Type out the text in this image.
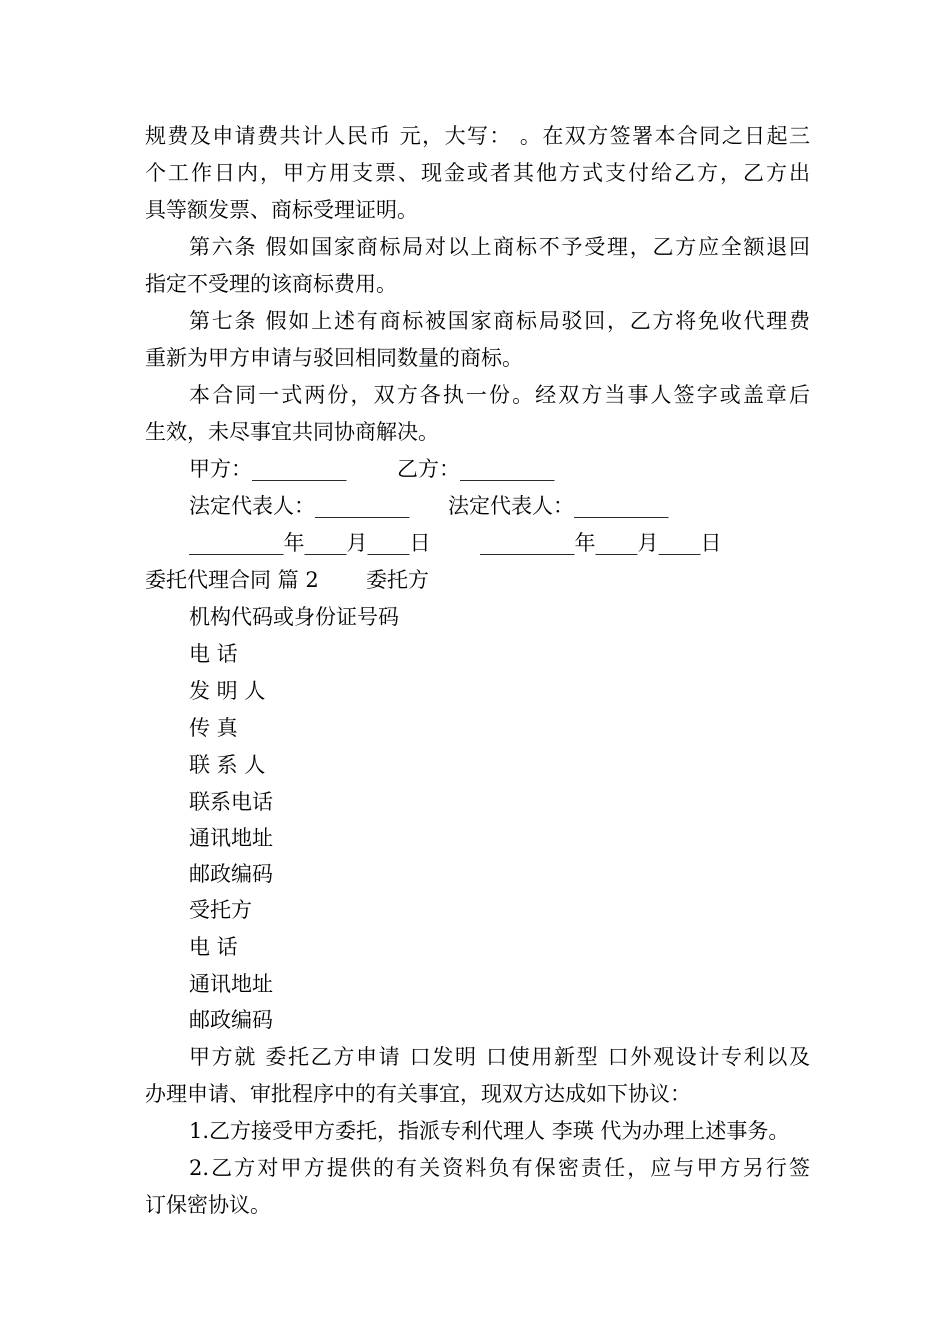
规费及申请费共计人民币 元，大写： 。在双方签署本合同之日起三
个工作日内，甲方用支票、现金或者其他方式支付给乙方，乙方出
具等额发票、商标受理证明。
第六条 假如国家商标局对以上商标不予受理，乙方应全额退回
指定不受理的该商标费用。
第七条 假如上述有商标被国家商标局驳回，乙方将免收代理费
重新为甲方申请与驳回相同数量的商标。
本合同一式两份，双方各执一份。经双方当事人签字或盖章后
生效，未尽事宜共同协商解决。
甲方：_________ 乙方：_________
法定代表人：_________ 法定代表人：_________
_________年____月____日 _________年____月____日
委托代理合同 篇 2 委托方
机构代码或身份证号码
电 话
发 明 人
传 真
联 系 人
联系电话
通讯地址
邮政编码
受托方
电 话
通讯地址
邮政编码
甲方就 委托乙方申请 口发明 口使用新型 口外观设计专利以及
办理申请、审批程序中的有关事宜，现双方达成如下协议：
1.乙方接受甲方委托，指派专利代理人 李瑛 代为办理上述事务。
2.乙方对甲方提供的有关资料负有保密责任，应与甲方另行签
订保密协议。
